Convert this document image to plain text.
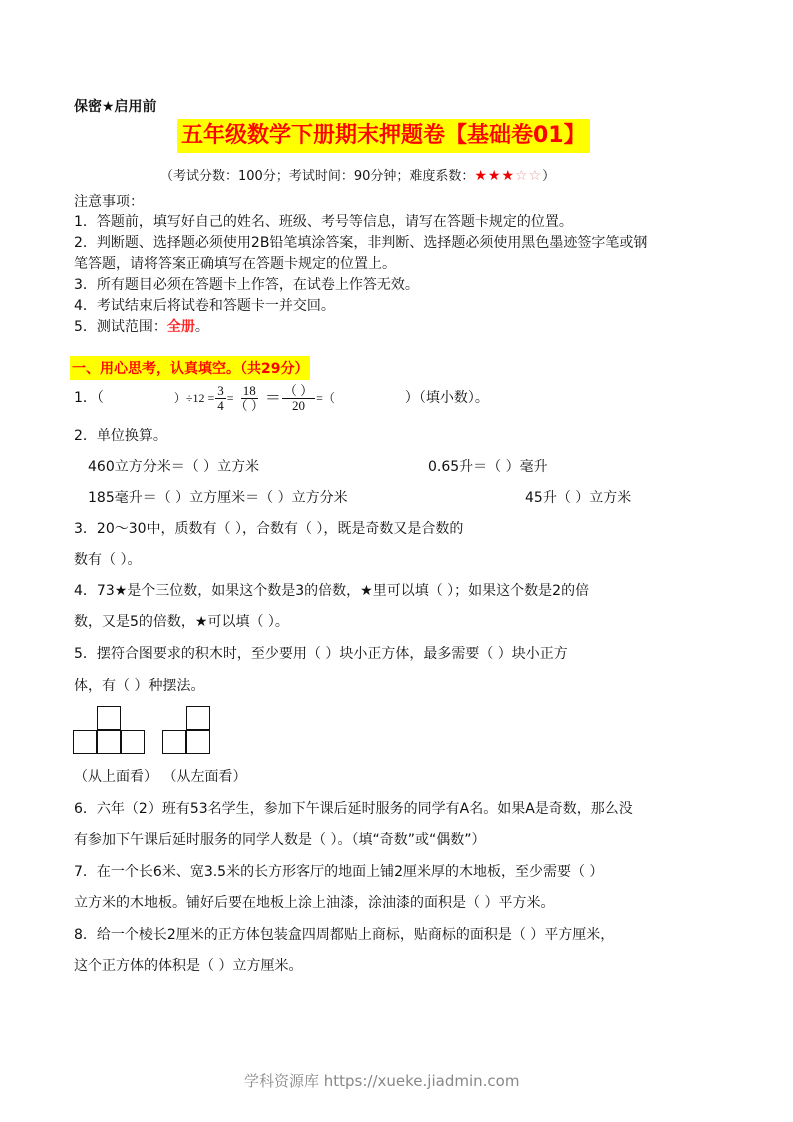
保密★启用前
五年级数学下册期末押题卷【基础卷01】
（考试分数：100分；考试时间：90分钟；难度系数：★★★☆☆）
注意事项：
1．答题前，填写好自己的姓名、班级、考号等信息，请写在答题卡规定的位置。
2．判断题、选择题必须使用2B铅笔填涂答案，非判断、选择题必须使用黑色墨迹签字笔或钢
笔答题，请将答案正确填写在答题卡规定的位置上。
3．所有题目必须在答题卡上作答，在试卷上作答无效。
4．考试结束后将试卷和答题卡一并交回。
5．测试范围：全册。
一、用心思考，认真填空。（共29分）
1．（	）$\div 12 = \frac{3}{4} = \frac{18}{( )} = \frac{( )}{20}$ =（	）（填小数）。
2．单位换算。
460立方分米＝（ ）立方米	0.65升＝（ ）毫升
185毫升＝（ ）立方厘米＝（ ）立方分米	45升（ ）立方米
3．20～30中，质数有（ ），合数有（ ），既是奇数又是合数的
数有（ ）。
4．73★是个三位数，如果这个数是3的倍数，★里可以填（ ）；如果这个数是2的倍
数，又是5的倍数，★可以填（ ）。
5．摆符合图要求的积木时，至少要用（ ）块小正方体，最多需要（ ）块小正方
体，有（ ）种摆法。
（从上面看） （从左面看）
6．六年（2）班有53名学生，参加下午课后延时服务的同学有A名。如果A是奇数，那么没
有参加下午课后延时服务的同学人数是（ ）。（填“奇数”或“偶数”）
7．在一个长6米、宽3.5米的长方形客厅的地面上铺2厘米厚的木地板，至少需要（ ）
立方米的木地板。铺好后要在地板上涂上油漆，涂油漆的面积是（ ）平方米。
8．给一个棱长2厘米的正方体包装盒四周都贴上商标，贴商标的面积是（ ）平方厘米，
这个正方体的体积是（ ）立方厘米。
学科资源库 https://xueke.jiadmin.com
